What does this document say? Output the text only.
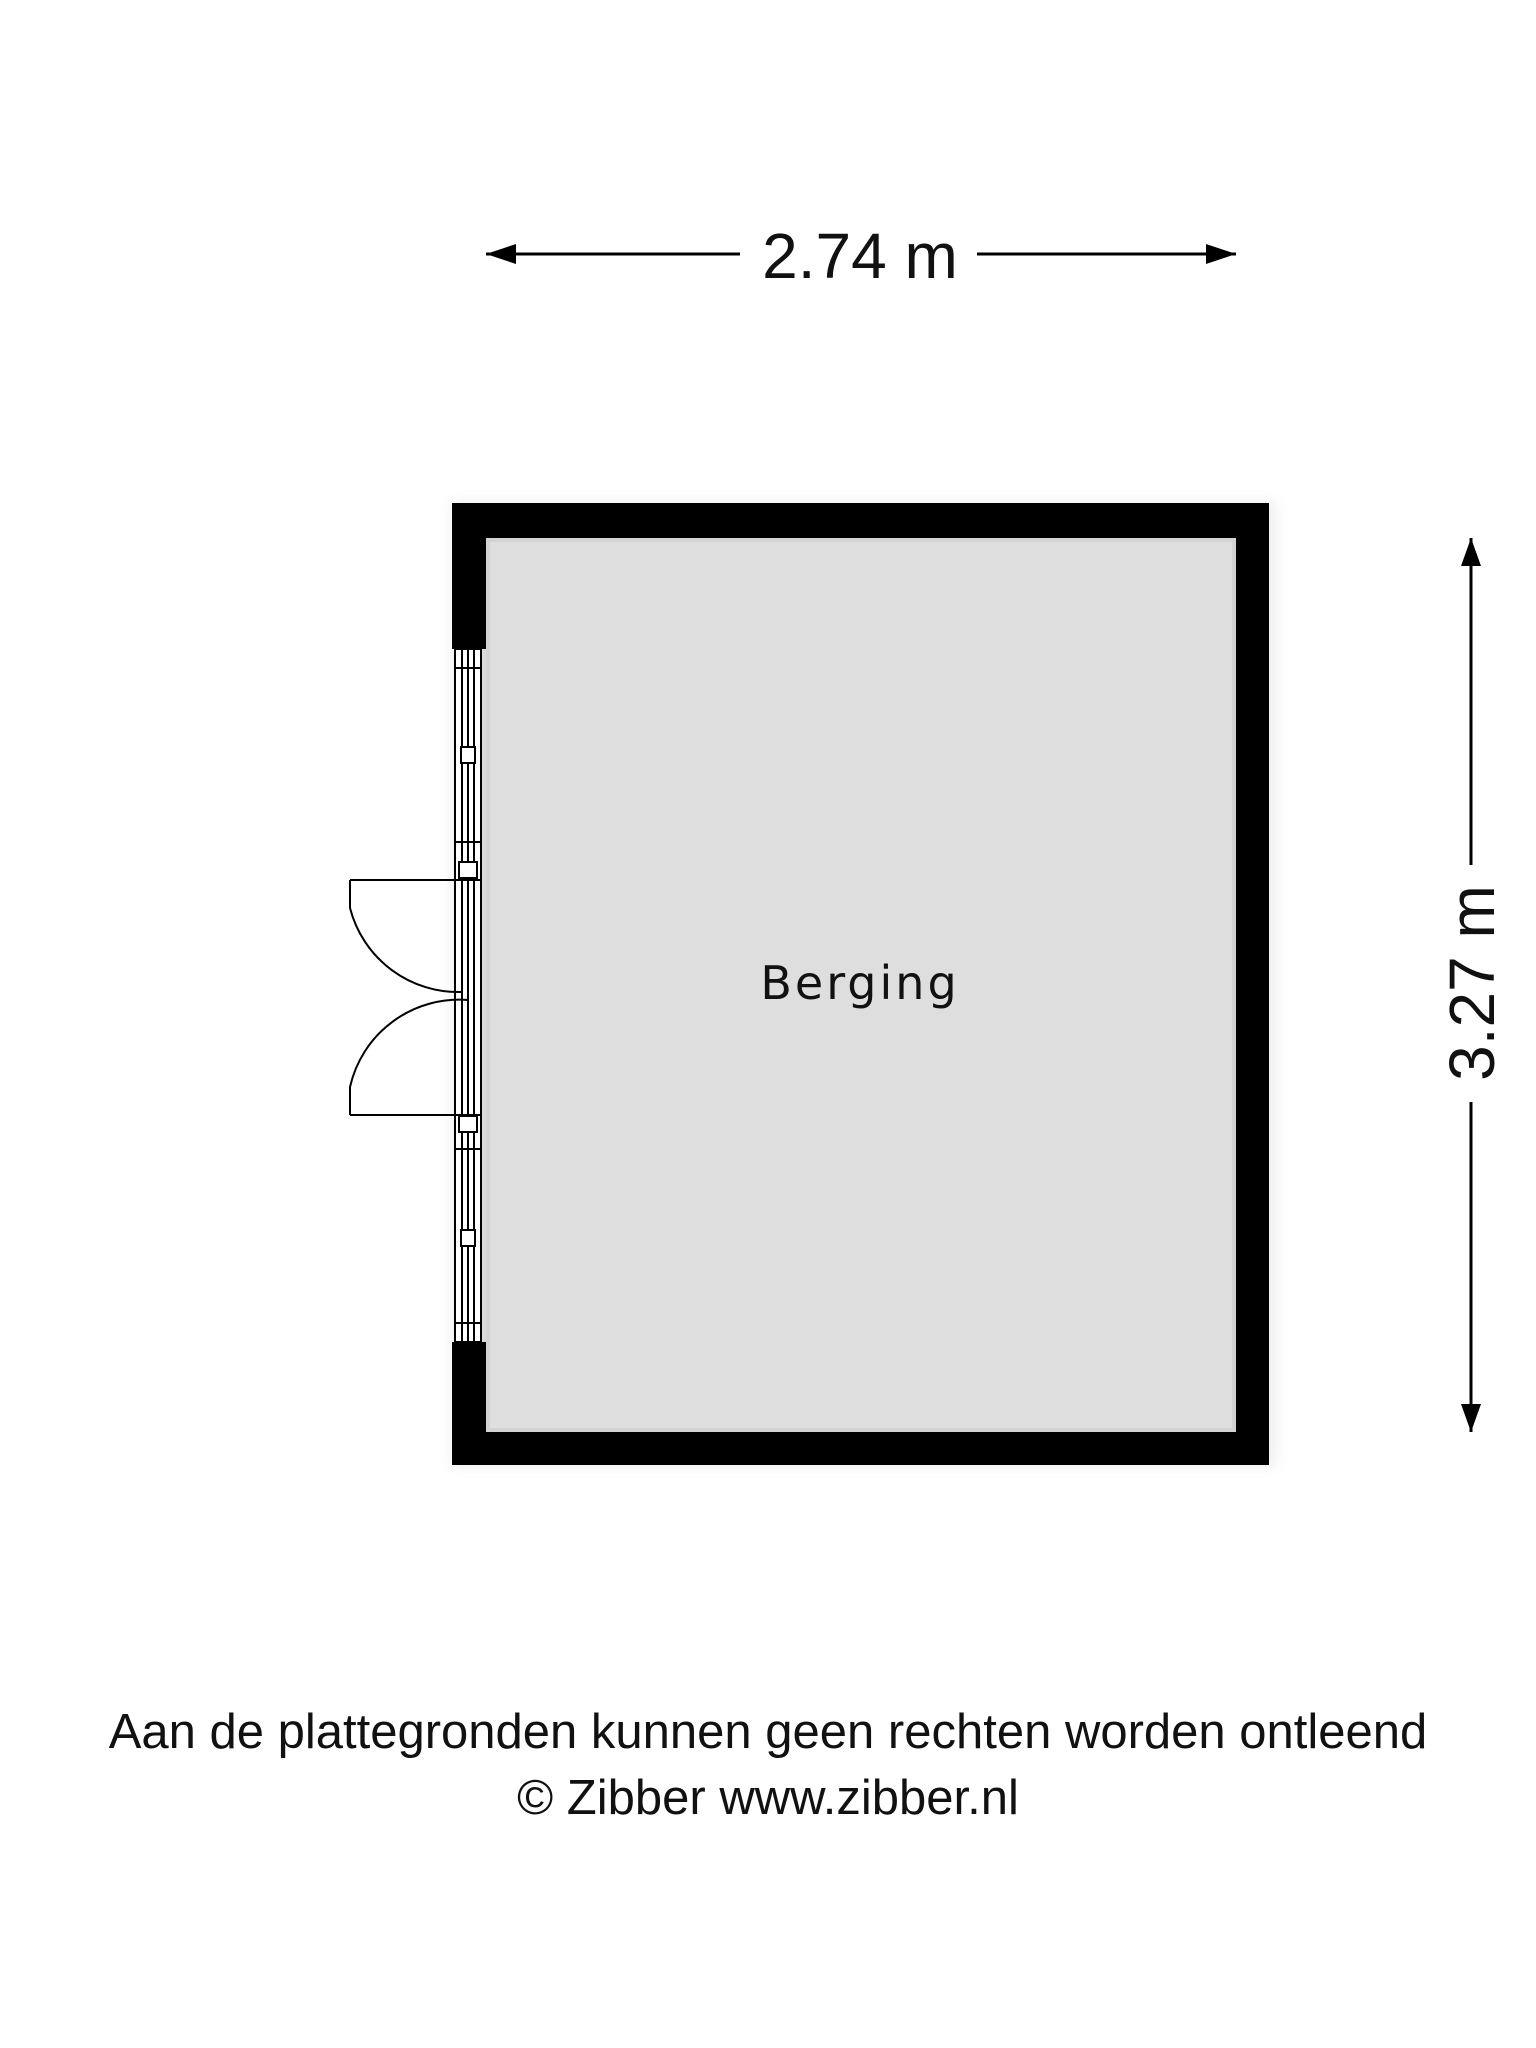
2.74 m
3.27 m
Berging
Aan de plattegronden kunnen geen rechten worden ontleend
© Zibber www.zibber.nl
